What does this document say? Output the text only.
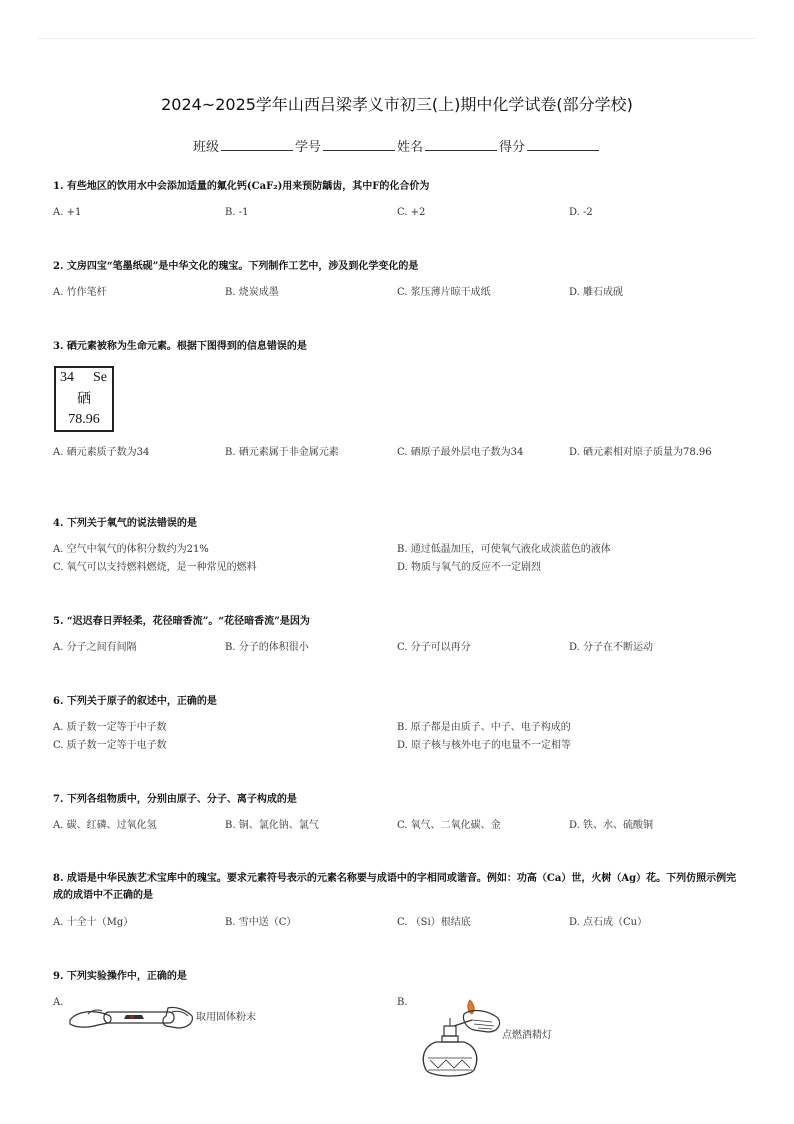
2024~2025学年山西吕梁孝义市初三(上)期中化学试卷(部分学校)
班级	学号	姓名	得分
1. 有些地区的饮用水中会添加适量的氟化钙(CaF₂)用来预防龋齿，其中F的化合价为
A. +1	B. -1	C. +2	D. -2
2. 文房四宝“笔墨纸砚”是中华文化的瑰宝。下列制作工艺中，涉及到化学变化的是
A. 竹作笔杆	B. 烧炭成墨	C. 浆压薄片晾干成纸	D. 雕石成砚
3. 硒元素被称为生命元素。根据下图得到的信息错误的是
34 Se
硒
78.96
A. 硒元素质子数为34	B. 硒元素属于非金属元素	C. 硒原子最外层电子数为34	D. 硒元素相对原子质量为78.96
4. 下列关于氧气的说法错误的是
A. 空气中氧气的体积分数约为21%	B. 通过低温加压，可使氧气液化成淡蓝色的液体
C. 氧气可以支持燃料燃烧，是一种常见的燃料	D. 物质与氧气的反应不一定剧烈
5. “迟迟春日弄轻柔，花径暗香流”。“花径暗香流”是因为
A. 分子之间有间隔	B. 分子的体积很小	C. 分子可以再分	D. 分子在不断运动
6. 下列关于原子的叙述中，正确的是
A. 质子数一定等于中子数	B. 原子都是由质子、中子、电子构成的
C. 质子数一定等于电子数	D. 原子核与核外电子的电量不一定相等
7. 下列各组物质中，分别由原子、分子、离子构成的是
A. 碳、红磷、过氧化氢	B. 铜、氯化钠、氯气	C. 氧气、二氧化碳、金	D. 铁、水、硫酸铜
8. 成语是中华民族艺术宝库中的瑰宝。要求元素符号表示的元素名称要与成语中的字相同或谐音。例如：功高（Ca）世，火树（Ag）花。下列仿照示例完成的成语中不正确的是
A. 十全十（Mg）	B. 雪中送（C）	C. （Si）根结底	D. 点石成（Cu）
9. 下列实验操作中，正确的是
A.	B.
取用固体粉末
点燃酒精灯
